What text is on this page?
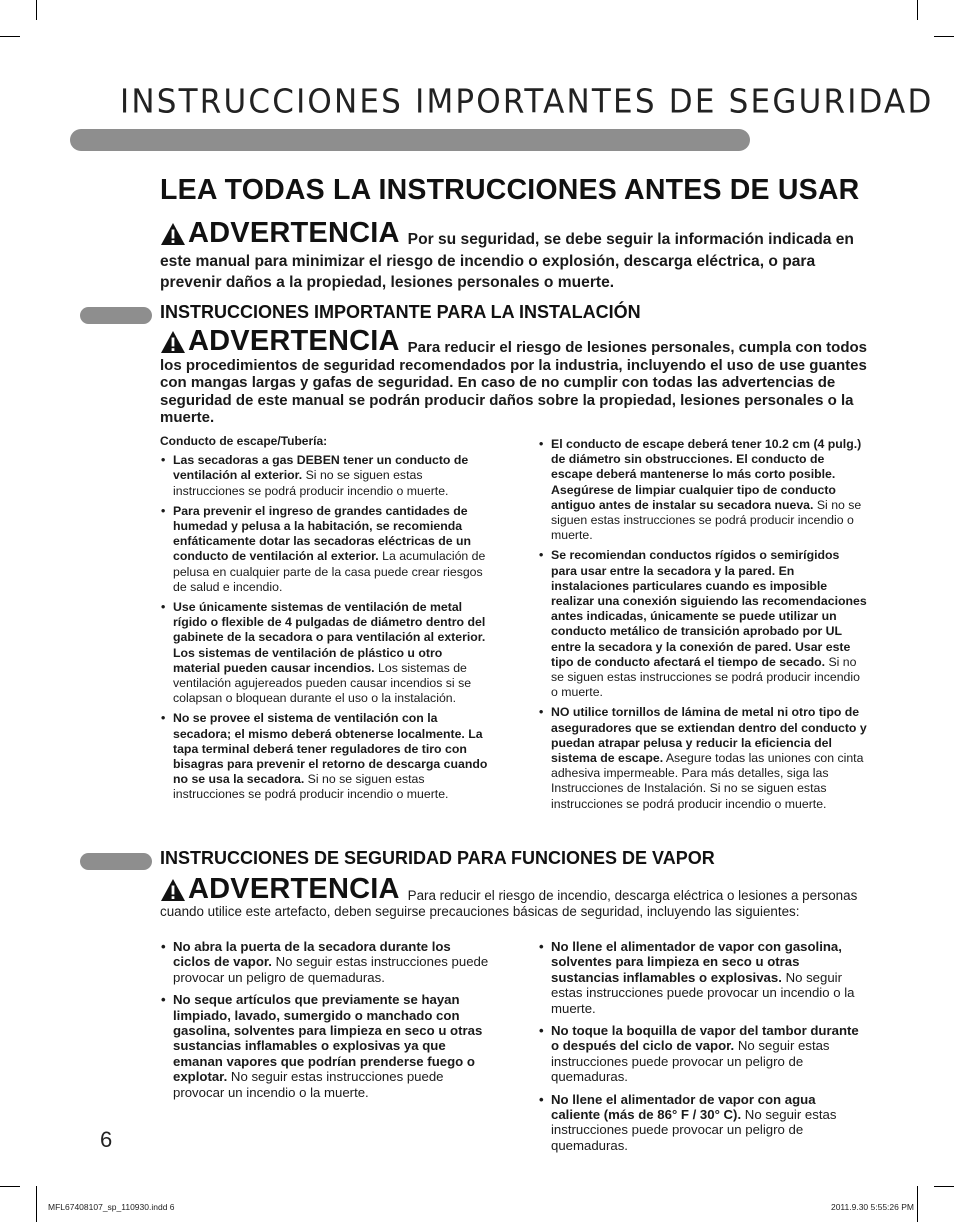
INSTRUCCIONES IMPORTANTES DE SEGURIDAD
LEA TODAS LA INSTRUCCIONES ANTES DE USAR
ADVERTENCIA Por su seguridad, se debe seguir la información indicada en este manual para minimizar el riesgo de incendio o explosión, descarga eléctrica, o para prevenir daños a la propiedad, lesiones personales o muerte.
INSTRUCCIONES IMPORTANTE PARA LA INSTALACIÓN
ADVERTENCIA Para reducir el riesgo de lesiones personales, cumpla con todos los procedimientos de seguridad recomendados por la industria, incluyendo el uso de use guantes con mangas largas y gafas de seguridad. En caso de no cumplir con todas las advertencias de seguridad de este manual se podrán producir daños sobre la propiedad, lesiones personales o la muerte.
Conducto de escape/Tubería:
• Las secadoras a gas DEBEN tener un conducto de ventilación al exterior. Si no se siguen estas instrucciones se podrá producir incendio o muerte.
• Para prevenir el ingreso de grandes cantidades de humedad y pelusa a la habitación, se recomienda enfáticamente dotar las secadoras eléctricas de un conducto de ventilación al exterior. La acumulación de pelusa en cualquier parte de la casa puede crear riesgos de salud e incendio.
• Use únicamente sistemas de ventilación de metal rígido o flexible de 4 pulgadas de diámetro dentro del gabinete de la secadora o para ventilación al exterior. Los sistemas de ventilación de plástico u otro material pueden causar incendios. Los sistemas de ventilación agujereados pueden causar incendios si se colapsan o bloquean durante el uso o la instalación.
• No se provee el sistema de ventilación con la secadora; el mismo deberá obtenerse localmente. La tapa terminal deberá tener reguladores de tiro con bisagras para prevenir el retorno de descarga cuando no se usa la secadora. Si no se siguen estas instrucciones se podrá producir incendio o muerte.
• El conducto de escape deberá tener 10.2 cm (4 pulg.) de diámetro sin obstrucciones. El conducto de escape deberá mantenerse lo más corto posible. Asegúrese de limpiar cualquier tipo de conducto antiguo antes de instalar su secadora nueva. Si no se siguen estas instrucciones se podrá producir incendio o muerte.
• Se recomiendan conductos rígidos o semirígidos para usar entre la secadora y la pared. En instalaciones particulares cuando es imposible realizar una conexión siguiendo las recomendaciones antes indicadas, únicamente se puede utilizar un conducto metálico de transición aprobado por UL entre la secadora y la conexión de pared. Usar este tipo de conducto afectará el tiempo de secado. Si no se siguen estas instrucciones se podrá producir incendio o muerte.
• NO utilice tornillos de lámina de metal ni otro tipo de aseguradores que se extiendan dentro del conducto y puedan atrapar pelusa y reducir la eficiencia del sistema de escape. Asegure todas las uniones con cinta adhesiva impermeable. Para más detalles, siga las Instrucciones de Instalación. Si no se siguen estas instrucciones se podrá producir incendio o muerte.
INSTRUCCIONES DE SEGURIDAD PARA FUNCIONES DE VAPOR
ADVERTENCIA Para reducir el riesgo de incendio, descarga eléctrica o lesiones a personas cuando utilice este artefacto, deben seguirse precauciones básicas de seguridad, incluyendo las siguientes:
• No abra la puerta de la secadora durante los ciclos de vapor. No seguir estas instrucciones puede provocar un peligro de quemaduras.
• No seque artículos que previamente se hayan limpiado, lavado, sumergido o manchado con gasolina, solventes para limpieza en seco u otras sustancias inflamables o explosivas ya que emanan vapores que podrían prenderse fuego o explotar. No seguir estas instrucciones puede provocar un incendio o la muerte.
• No llene el alimentador de vapor con gasolina, solventes para limpieza en seco u otras sustancias inflamables o explosivas. No seguir estas instrucciones puede provocar un incendio o la muerte.
• No toque la boquilla de vapor del tambor durante o después del ciclo de vapor. No seguir estas instrucciones puede provocar un peligro de quemaduras.
• No llene el alimentador de vapor con agua caliente (más de 86° F / 30° C). No seguir estas instrucciones puede provocar un peligro de quemaduras.
6
MFL67408107_sp_110930.indd 6	2011.9.30 5:55:26 PM
